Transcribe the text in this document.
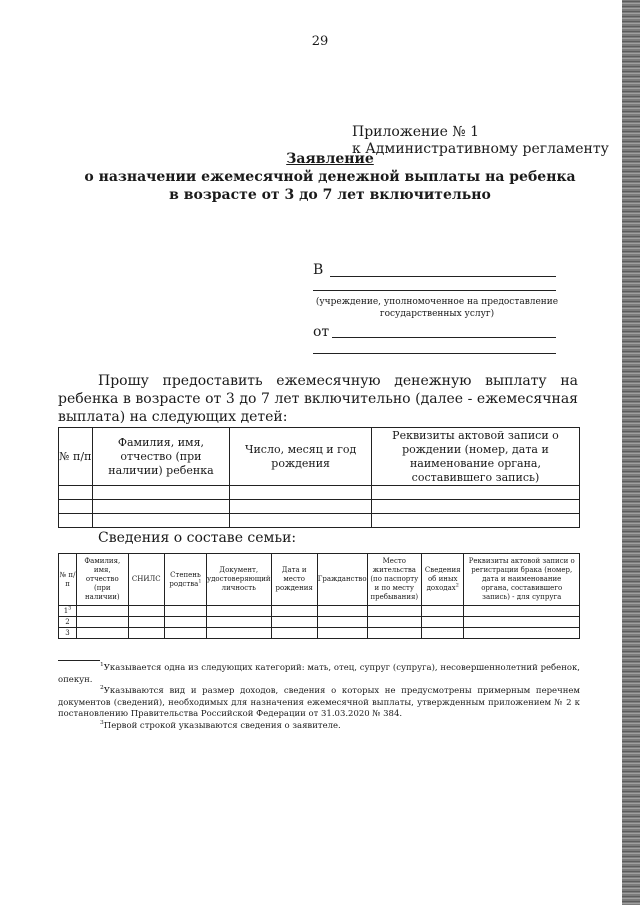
29
Приложение № 1
к Административному регламенту
Заявление
о назначении ежемесячной денежной выплаты на ребенка
в возрасте от 3 до 7 лет включительно
В
(учреждение, уполномоченное на предоставление государственных услуг)
от
Прошу предоставить ежемесячную денежную выплату на ребенка в возрасте от 3 до 7 лет включительно (далее - ежемесячная выплата) на следующих детей:
№ п/п	Фамилия, имя, отчество (при наличии) ребенка	Число, месяц и год рождения	Реквизиты актовой записи о рождении (номер, дата и наименование органа, составившего запись)

Сведения о составе семьи:
№ п/п	Фамилия, имя, отчество (при наличии)	СНИЛС	Степень родства$^1$	Документ, удостоверяющий личность	Дата и место рождения	Гражданство	Место жительства (по паспорту и по месту пребывания)	Сведения об иных доходах$^2$	Реквизиты актовой записи о регистрации брака (номер, дата и наименование органа, составившего запись) - для супруга
$1^3$									
2									
3									

$^1$Указывается одна из следующих категорий: мать, отец, супруг (супруга), несовершеннолетний ребенок, опекун.

$^2$Указываются вид и размер доходов, сведения о которых не предусмотрены примерным перечнем документов (сведений), необходимых для назначения ежемесячной выплаты, утвержденным приложением № 2 к постановлению Правительства Российской Федерации от 31.03.2020 № 384.

$^3$Первой строкой указываются сведения о заявителе.
